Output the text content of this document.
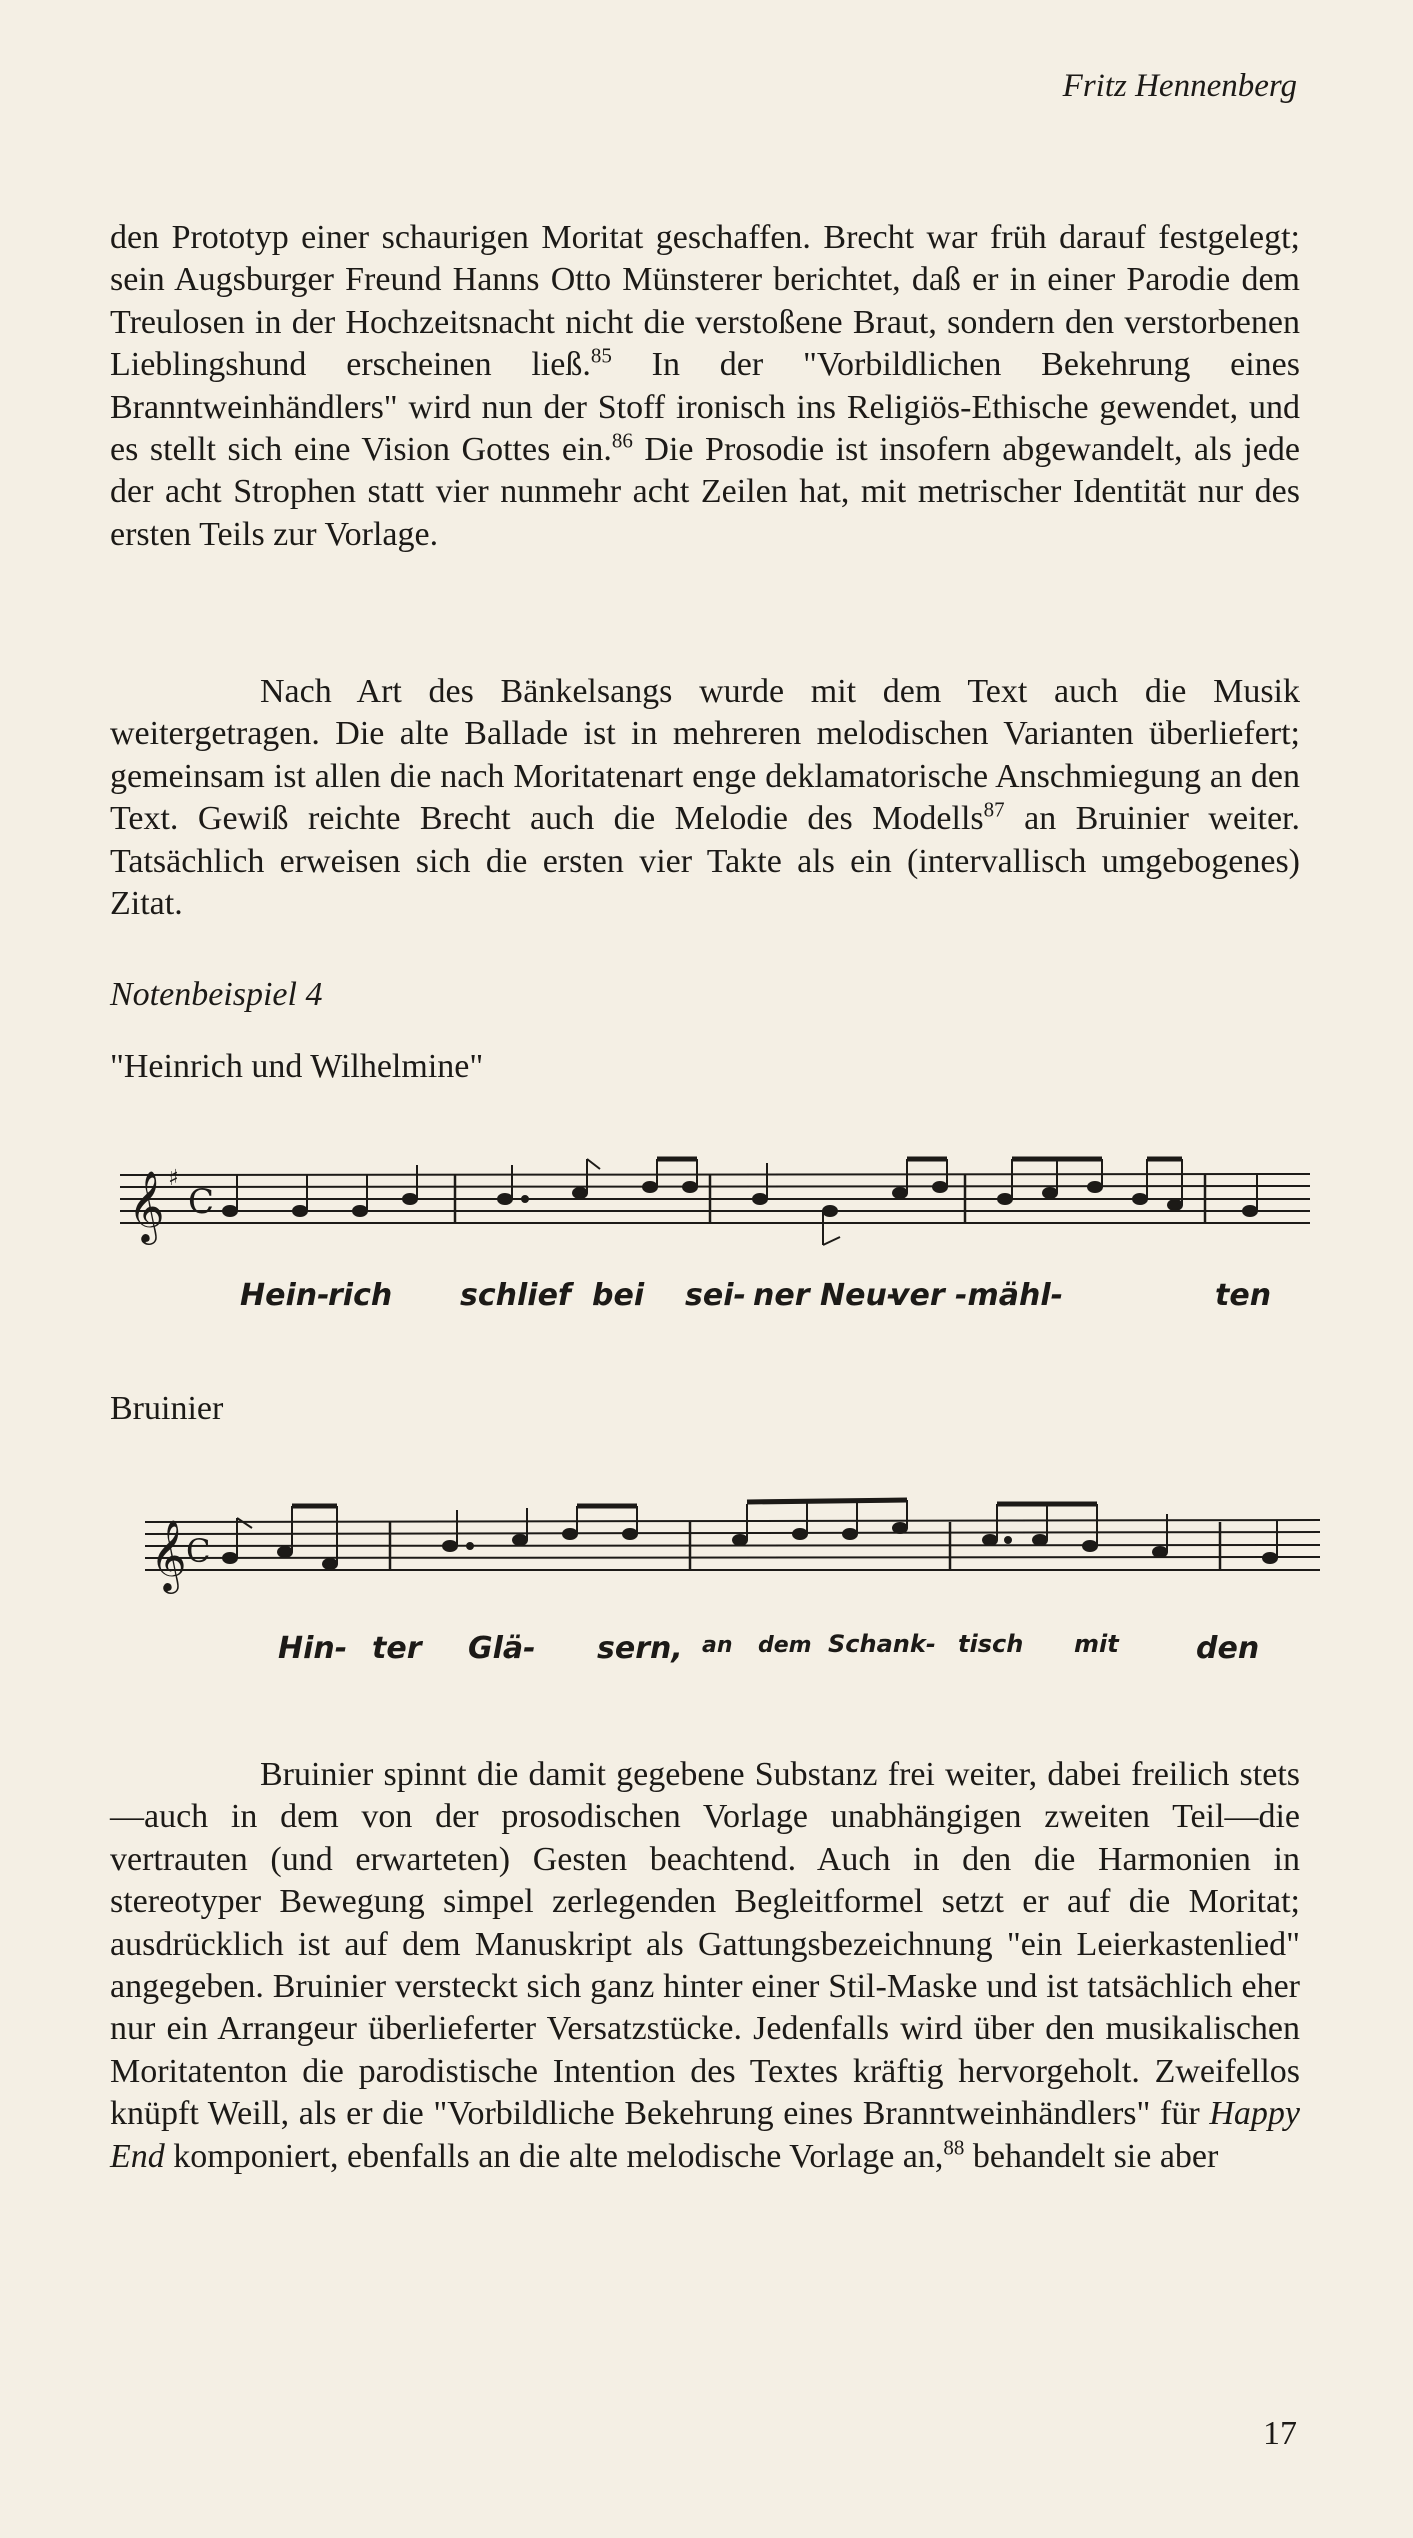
Fritz Hennenberg

den Prototyp einer schaurigen Moritat geschaffen. Brecht war früh darauf festgelegt; sein Augsburger Freund Hanns Otto Münsterer berichtet, daß er in einer Parodie dem Treulosen in der Hochzeitsnacht nicht die verstoßene Braut, sondern den verstorbenen Lieblingshund erscheinen ließ.$^{85}$ In der "Vorbildlichen Bekehrung eines Branntweinhändlers" wird nun der Stoff ironisch ins Religiös-Ethische gewendet, und es stellt sich eine Vision Gottes ein.$^{86}$ Die Prosodie ist insofern abgewandelt, als jede der acht Strophen statt vier nunmehr acht Zeilen hat, mit metrischer Identität nur des ersten Teils zur Vorlage.

Nach Art des Bänkelsangs wurde mit dem Text auch die Musik weitergetragen. Die alte Ballade ist in mehreren melodischen Varianten überliefert; gemeinsam ist allen die nach Moritatenart enge deklamatorische Anschmiegung an den Text. Gewiß reichte Brecht auch die Melodie des Modells$^{87}$ an Bruinier weiter. Tatsächlich erweisen sich die ersten vier Takte als ein (intervallisch umgebogenes) Zitat.

Notenbeispiel 4
"Heinrich und Wilhelmine"
𝄞 ♯
C
Hein-
rich schlief bei sei- ner Neu-
ver -mähl-	ten
Bruinier
𝄞 C
Hin- ter Glä- sern, an dem Schank- tisch mit	den

Bruinier spinnt die damit gegebene Substanz frei weiter, dabei freilich stets—auch in dem von der prosodischen Vorlage unabhängigen zweiten Teil—die vertrauten (und erwarteten) Gesten beachtend. Auch in den die Harmonien in stereotyper Bewegung simpel zerlegenden Begleitformel setzt er auf die Moritat; ausdrücklich ist auf dem Manuskript als Gattungsbezeichnung "ein Leierkastenlied" angegeben. Bruinier versteckt sich ganz hinter einer Stil-Maske und ist tatsächlich eher nur ein Arrangeur überlieferter Versatzstücke. Jedenfalls wird über den musikalischen Moritatenton die parodistische Intention des Textes kräftig hervorgeholt. Zweifellos knüpft Weill, als er die "Vorbildliche Bekehrung eines Branntweinhändlers" für Happy End komponiert, ebenfalls an die alte melodische Vorlage an,$^{88}$ behandelt sie aber

17
